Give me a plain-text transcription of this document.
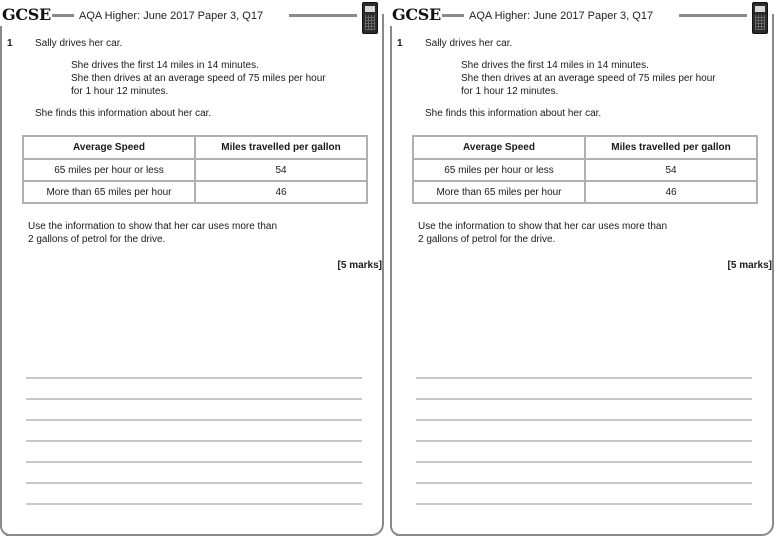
GCSE	AQA Higher: June 2017 Paper 3, Q17
1 Sally drives her car.
She drives the first 14 miles in 14 minutes.
She then drives at an average speed of 75 miles per hour
for 1 hour 12 minutes.
She finds this information about her car.
Average Speed	Miles travelled per gallon
65 miles per hour or less	54
More than 65 miles per hour	46
Use the information to show that her car uses more than
2 gallons of petrol for the drive.
[5 marks]
GCSE	AQA Higher: June 2017 Paper 3, Q17
1 Sally drives her car.
She drives the first 14 miles in 14 minutes.
She then drives at an average speed of 75 miles per hour
for 1 hour 12 minutes.
She finds this information about her car.
Average Speed	Miles travelled per gallon
65 miles per hour or less	54
More than 65 miles per hour	46
Use the information to show that her car uses more than
2 gallons of petrol for the drive.
[5 marks]
